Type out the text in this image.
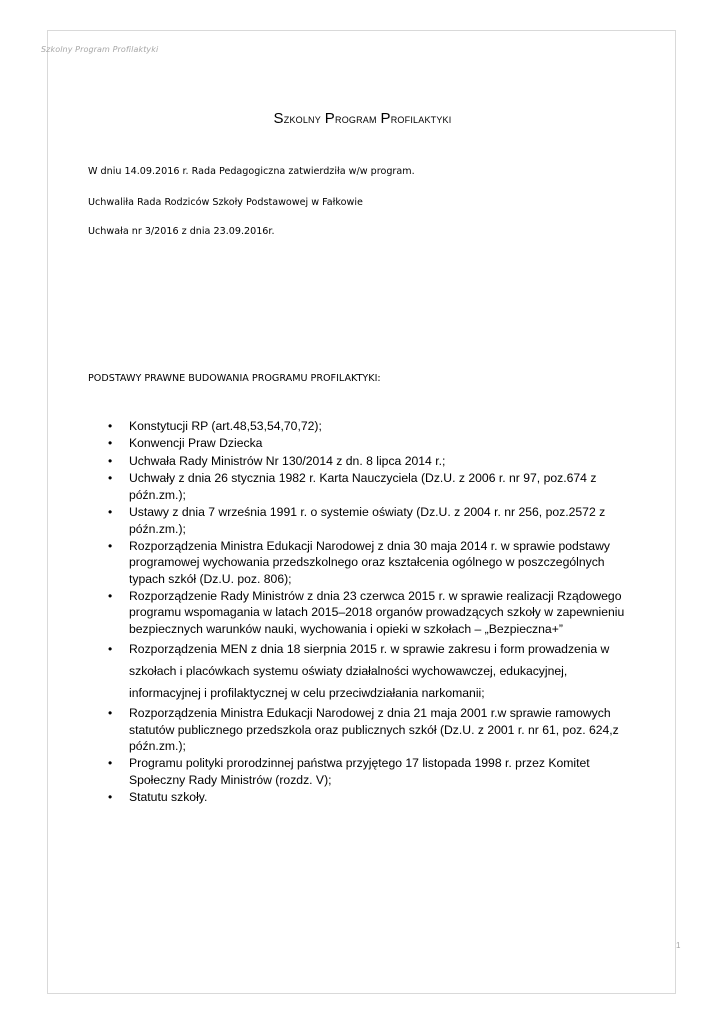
Szkolny Program Profilaktyki
Szkolny Program Profilaktyki
W dniu 14.09.2016 r. Rada Pedagogiczna zatwierdziła w/w program.
Uchwaliła Rada Rodziców Szkoły Podstawowej w Fałkowie
Uchwała nr 3/2016 z dnia 23.09.2016r.
PODSTAWY PRAWNE BUDOWANIA PROGRAMU PROFILAKTYKI:
• Konstytucji RP (art.48,53,54,70,72);
• Konwencji Praw Dziecka
• Uchwała Rady Ministrów Nr 130/2014 z dn. 8 lipca 2014 r.;
• Uchwały z dnia 26 stycznia 1982 r. Karta Nauczyciela (Dz.U. z 2006 r. nr 97, poz.674 z późn.zm.);
• Ustawy z dnia 7 września 1991 r. o systemie oświaty (Dz.U. z 2004 r. nr 256, poz.2572 z późn.zm.);
• Rozporządzenia Ministra Edukacji Narodowej z dnia 30 maja 2014 r. w sprawie podstawy programowej wychowania przedszkolnego oraz kształcenia ogólnego w poszczególnych typach szkół (Dz.U. poz. 806);
• Rozporządzenie Rady Ministrów z dnia 23 czerwca 2015 r. w sprawie realizacji Rządowego programu wspomagania w latach 2015–2018 organów prowadzących szkoły w zapewnieniu bezpiecznych warunków nauki, wychowania i opieki w szkołach – „Bezpieczna+”
• Rozporządzenia MEN z dnia 18 sierpnia 2015 r. w sprawie zakresu i form prowadzenia w szkołach i placówkach systemu oświaty działalności wychowawczej, edukacyjnej, informacyjnej i profilaktycznej w celu przeciwdziałania narkomanii;
• Rozporządzenia Ministra Edukacji Narodowej z dnia 21 maja 2001 r.w sprawie ramowych statutów publicznego przedszkola oraz publicznych szkół (Dz.U. z 2001 r. nr 61, poz. 624,z późn.zm.);
• Programu polityki prorodzinnej państwa przyjętego 17 listopada 1998 r. przez Komitet Społeczny Rady Ministrów (rozdz. V);
• Statutu szkoły.
1
